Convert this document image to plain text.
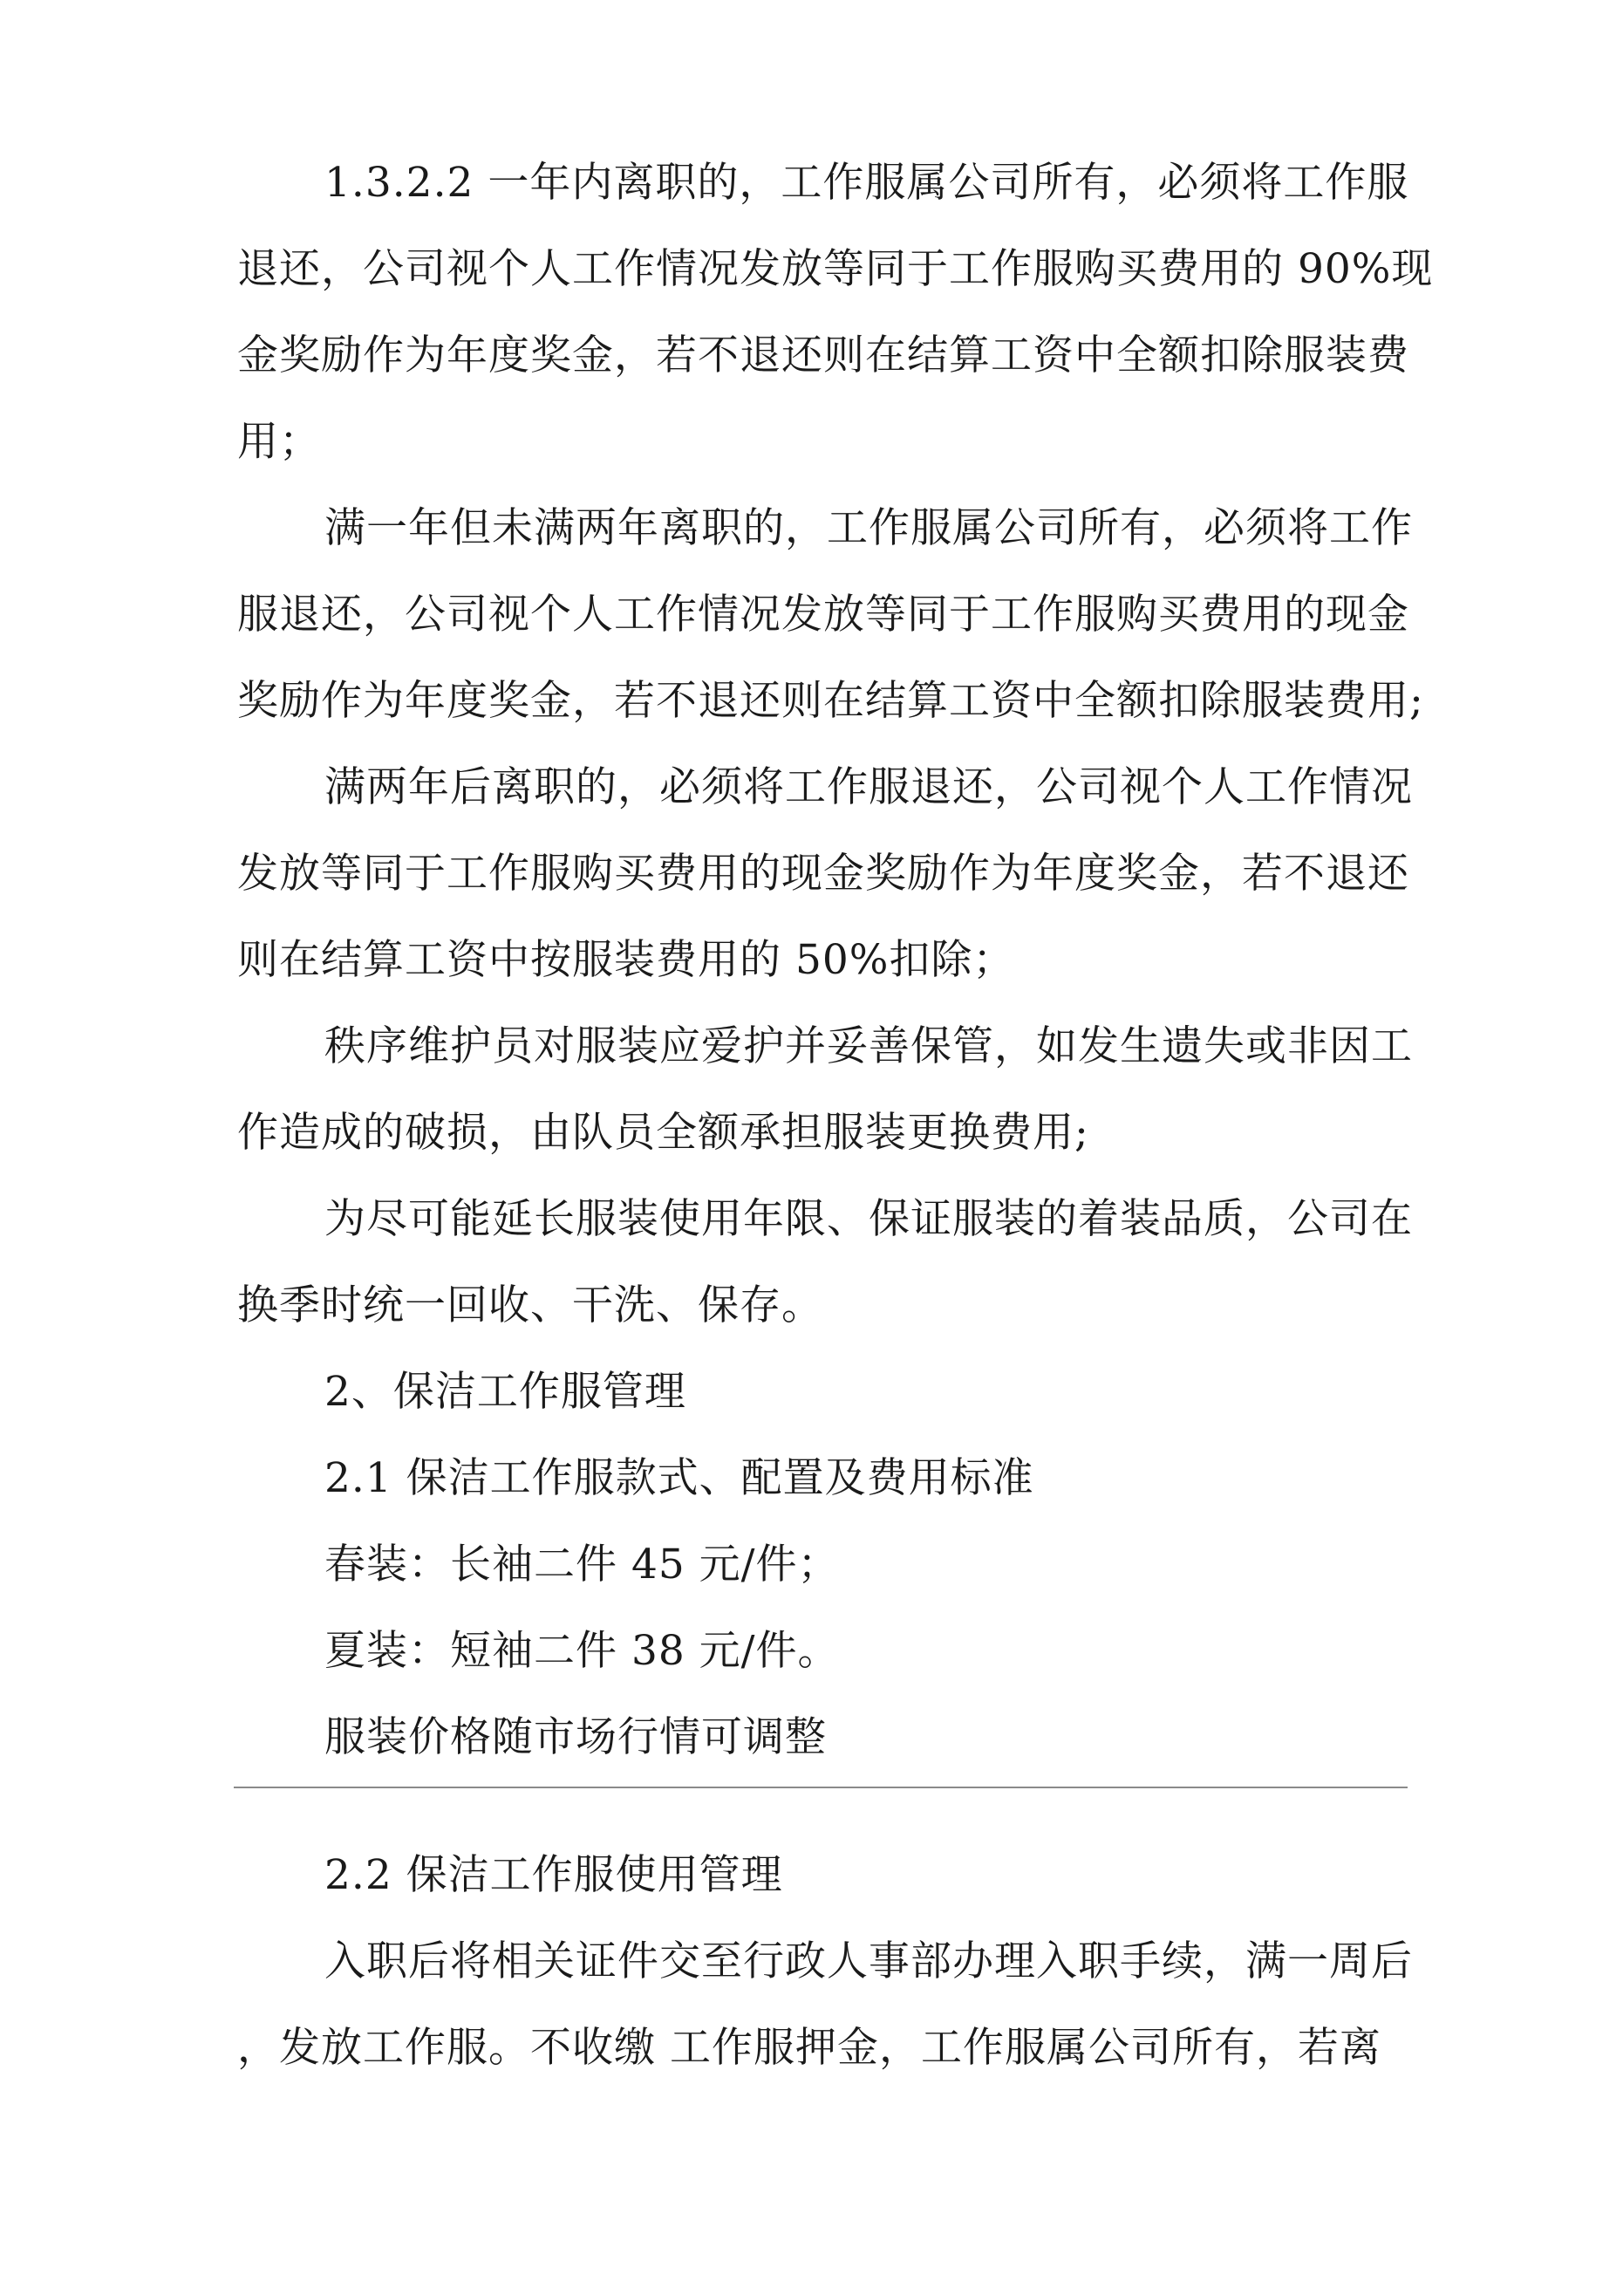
1.3.2.2 一年内离职的，工作服属公司所有，必须将工作服
退还，公司视个人工作情况发放等同于工作服购买费用的 90%现
金奖励作为年度奖金，若不退还则在结算工资中全额扣除服装费
用；

满一年但未满两年离职的，工作服属公司所有，必须将工作
服退还，公司视个人工作情况发放等同于工作服购买费用的现金
奖励作为年度奖金，若不退还则在结算工资中全额扣除服装费用;

满两年后离职的，必须将工作服退还，公司视个人工作情况
发放等同于工作服购买费用的现金奖励作为年度奖金，若不退还
则在结算工资中按服装费用的 50%扣除；

秩序维护员对服装应爱护并妥善保管，如发生遗失或非因工
作造成的破损，由队员全额承担服装更换费用;

为尽可能延长服装使用年限、保证服装的着装品质，公司在
换季时统一回收、干洗、保存。

2、保洁工作服管理

2.1 保洁工作服款式、配置及费用标准

春装：长袖二件 45 元/件；

夏装：短袖二件 38 元/件。

服装价格随市场行情可调整

2.2 保洁工作服使用管理

入职后将相关证件交至行政人事部办理入职手续，满一周后
，发放工作服。不收缴 工作服押金，工作服属公司所有，若离
